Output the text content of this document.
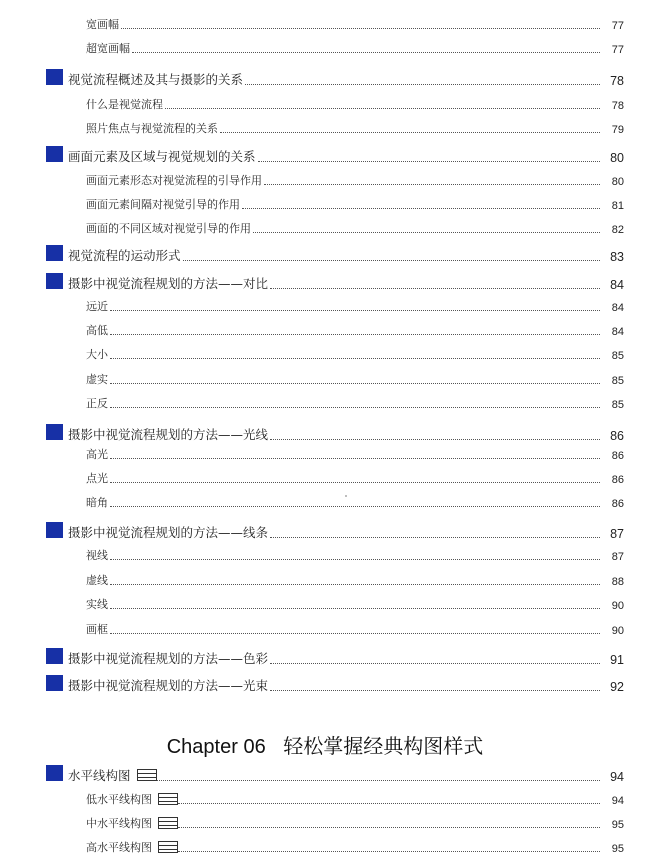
宽画幅	77
超宽画幅	77
视觉流程概述及其与摄影的关系	78
什么是视觉流程	78
照片焦点与视觉流程的关系	79
画面元素及区域与视觉规划的关系	80
画面元素形态对视觉流程的引导作用	80
画面元素间隔对视觉引导的作用	81
画面的不同区域对视觉引导的作用	82
视觉流程的运动形式	83
摄影中视觉流程规划的方法——对比	84
远近	84
高低	84
大小	85
虚实	85
正反	85
摄影中视觉流程规划的方法——光线	86
高光	86
点光	86
暗角	86
摄影中视觉流程规划的方法——线条	87
视线	87
虚线	88
实线	90
画框	90
摄影中视觉流程规划的方法——色彩	91
摄影中视觉流程规划的方法——光束	92
Chapter 06 轻松掌握经典构图样式
水平线构图	94
低水平线构图	94
中水平线构图	95
高水平线构图	95
